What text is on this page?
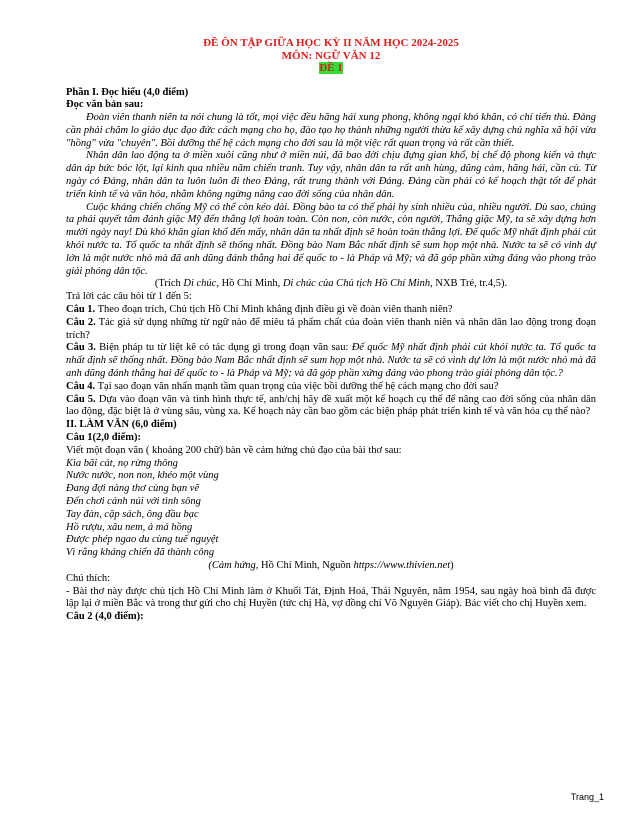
ĐỀ ÔN TẬP GIỮA HỌC KỲ II NĂM HỌC 2024-2025

MÔN: NGỮ VĂN 12

ĐỀ 1

Phần I. Đọc hiểu (4,0 điểm)

Đọc văn bản sau:

Đoàn viên thanh niên ta nói chung là tốt, mọi việc đều hăng hái xung phong, không ngại khó khăn, có chí tiến thủ. Đảng cần phải chăm lo giáo dục đạo đức cách mạng cho họ, đào tạo họ thành những người thừa kế xây dựng chủ nghĩa xã hội vừa "hồng" vừa "chuyên". Bồi dưỡng thế hệ cách mạng cho đời sau là một việc rất quan trọng và rất cần thiết.

Nhân dân lao động ta ở miền xuôi cũng như ở miền núi, đã bao đời chịu đựng gian khổ, bị chế độ phong kiến và thực dân áp bức bóc lột, lại kinh qua nhiều năm chiến tranh. Tuy vậy, nhân dân ta rất anh hùng, dũng cảm, hăng hái, cần cù. Từ ngày có Đảng, nhân dân ta luôn luôn đi theo Đảng, rất trung thành với Đảng. Đảng cần phải có kế hoạch thật tốt để phát triển kinh tế và văn hóa, nhằm không ngừng nâng cao đời sống của nhân dân.

Cuộc kháng chiến chống Mỹ có thể còn kéo dài. Đồng bào ta có thể phải hy sinh nhiều của, nhiều người. Dù sao, chúng ta phải quyết tâm đánh giặc Mỹ đến thắng lợi hoàn toàn. Còn non, còn nước, còn người, Thắng giặc Mỹ, ta sẽ xây dựng hơn mười ngày nay! Dù khó khăn gian khổ đến mấy, nhân dân ta nhất định sẽ hoàn toàn thắng lợi. Đế quốc Mỹ nhất định phải cút khỏi nước ta. Tổ quốc ta nhất định sẽ thống nhất. Đồng bào Nam Bắc nhất định sẽ sum họp một nhà. Nước ta sẽ có vinh dự lớn là một nước nhỏ mà đã anh dũng đánh thắng hai đế quốc to - là Pháp và Mỹ; và đã góp phần xứng đáng vào phong trào giải phóng dân tộc.

(Trích Di chúc, Hồ Chí Minh, Di chúc của Chủ tịch Hồ Chí Minh, NXB Trẻ, tr.4,5).

Trả lời các câu hỏi từ 1 đến 5:

Câu 1. Theo đoạn trích, Chủ tịch Hồ Chí Minh khẳng định điều gì về đoàn viên thanh niên?

Câu 2. Tác giả sử dụng những từ ngữ nào để miêu tả phẩm chất của đoàn viên thanh niên và nhân dân lao động trong đoạn trích?

Câu 3. Biện pháp tu từ liệt kê có tác dụng gì trong đoạn văn sau: Đế quốc Mỹ nhất định phải cút khỏi nước ta. Tổ quốc ta nhất định sẽ thống nhất. Đồng bào Nam Bắc nhất định sẽ sum họp một nhà. Nước ta sẽ có vinh dự lớn là một nước nhỏ mà đã anh dũng đánh thắng hai đế quốc to - là Pháp và Mỹ; và đã góp phần xứng đáng vào phong trào giải phóng dân tộc.?

Câu 4. Tại sao đoạn văn nhấn mạnh tầm quan trọng của việc bồi dưỡng thế hệ cách mạng cho đời sau?

Câu 5. Dựa vào đoạn văn và tình hình thực tế, anh/chị hãy đề xuất một kế hoạch cụ thể để nâng cao đời sống của nhân dân lao động, đặc biệt là ở vùng sâu, vùng xa. Kế hoạch này cần bao gồm các biện pháp phát triển kinh tế và văn hóa cụ thể nào?

II. LÀM VĂN (6,0 điểm)

Câu 1(2,0 điểm):

Viết một đoạn văn ( khoảng 200 chữ) bàn về cảm hứng chủ đạo của bài thơ sau:

Kìa bãi cát, nọ rừng thông

Nước nước, non non, khéo một vùng

Đang đợi nàng thơ cùng bạn vẽ

Đến chơi cảnh núi với tình sông

Tay đàn, cặp sách, ông đầu bạc

Hồ rượu, xâu nem, ả má hồng

Được phép ngao du cùng tuế nguyệt

Vì rằng kháng chiến đã thành công

(Cảm hứng, Hồ Chí Minh, Nguồn https://www.thivien.net)

Chú thích:

- Bài thơ này được chủ tịch Hồ Chí Minh làm ở Khuổi Tát, Định Hoá, Thái Nguyên, năm 1954, sau ngày hoà bình đã được lập lại ở miền Bắc và trong thư gửi cho chị Huyền (tức chị Hà, vợ đồng chí Võ Nguyên Giáp). Bác viết cho chị Huyền xem.

Câu 2 (4,0 điểm):

Trang_1
